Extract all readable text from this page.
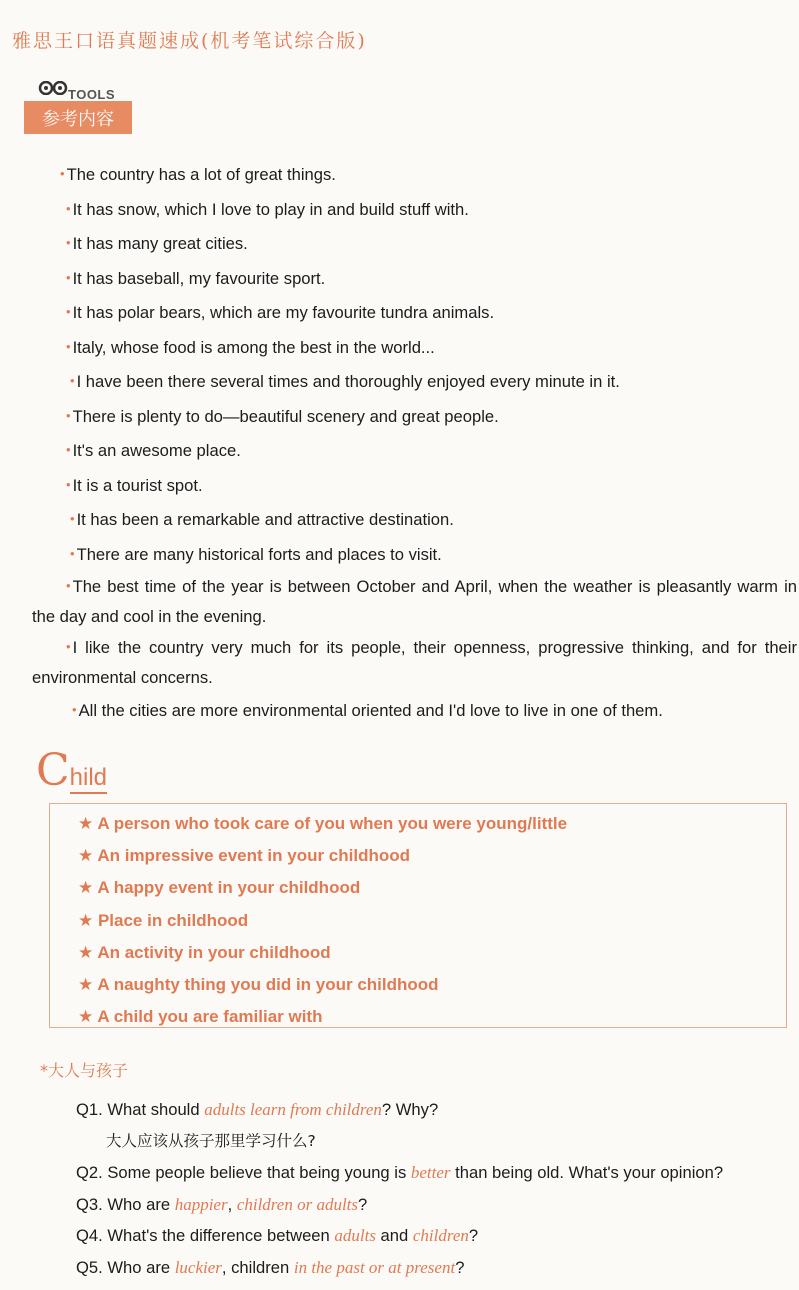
雅思王口语真题速成(机考笔试综合版)
TOOLS
参考内容
• The country has a lot of great things.
• It has snow, which I love to play in and build stuff with.
• It has many great cities.
• It has baseball, my favourite sport.
• It has polar bears, which are my favourite tundra animals.
• Italy, whose food is among the best in the world...
• I have been there several times and thoroughly enjoyed every minute in it.
• There is plenty to do—beautiful scenery and great people.
• It's an awesome place.
• It is a tourist spot.
• It has been a remarkable and attractive destination.
• There are many historical forts and places to visit.
• The best time of the year is between October and April, when the weather is pleasantly warm in the day and cool in the evening.
• I like the country very much for its people, their openness, progressive thinking, and for their environmental concerns.
• All the cities are more environmental oriented and I'd love to live in one of them.
Child
★ A person who took care of you when you were young/little
★ An impressive event in your childhood
★ A happy event in your childhood
★ Place in childhood
★ An activity in your childhood
★ A naughty thing you did in your childhood
★ A child you are familiar with
*大人与孩子
Q1. What should adults learn from children? Why?
大人应该从孩子那里学习什么?
Q2. Some people believe that being young is better than being old. What's your opinion?
Q3. Who are happier, children or adults?
Q4. What's the difference between adults and children?
Q5. Who are luckier, children in the past or at present?
